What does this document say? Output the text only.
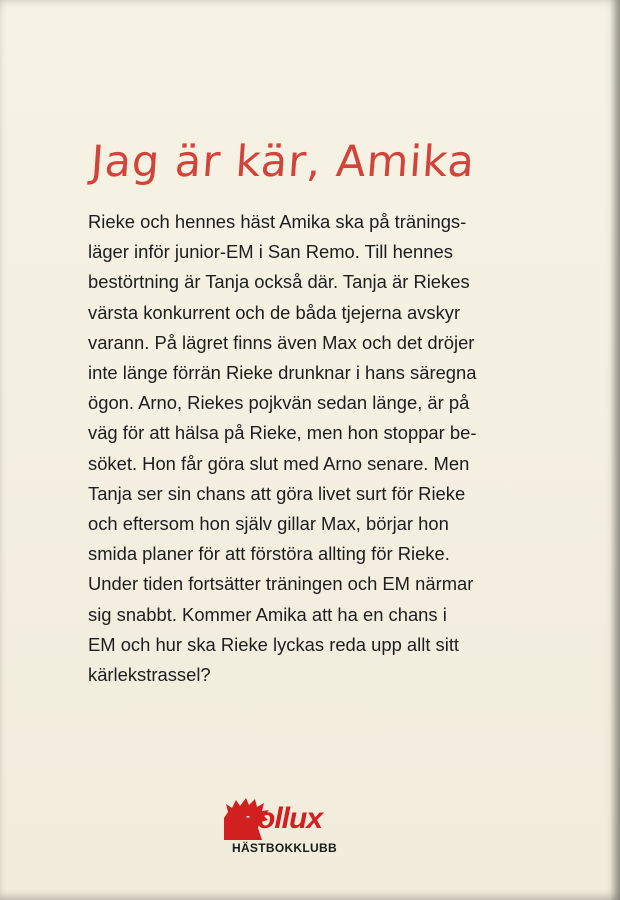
Jag är kär, Amika
Rieke och hennes häst Amika ska på tränings-
läger inför junior-EM i San Remo. Till hennes
bestörtning är Tanja också där. Tanja är Riekes
värsta konkurrent och de båda tjejerna avskyr
varann. På lägret finns även Max och det dröjer
inte länge förrän Rieke drunknar i hans säregna
ögon. Arno, Riekes pojkvän sedan länge, är på
väg för att hälsa på Rieke, men hon stoppar be-
söket. Hon får göra slut med Arno senare. Men
Tanja ser sin chans att göra livet surt för Rieke
och eftersom hon själv gillar Max, börjar hon
smida planer för att förstöra allting för Rieke.
Under tiden fortsätter träningen och EM närmar
sig snabbt. Kommer Amika att ha en chans i
EM och hur ska Rieke lyckas reda upp allt sitt
kärlekstrassel?
Pollux
HÄSTBOKKLUBB
